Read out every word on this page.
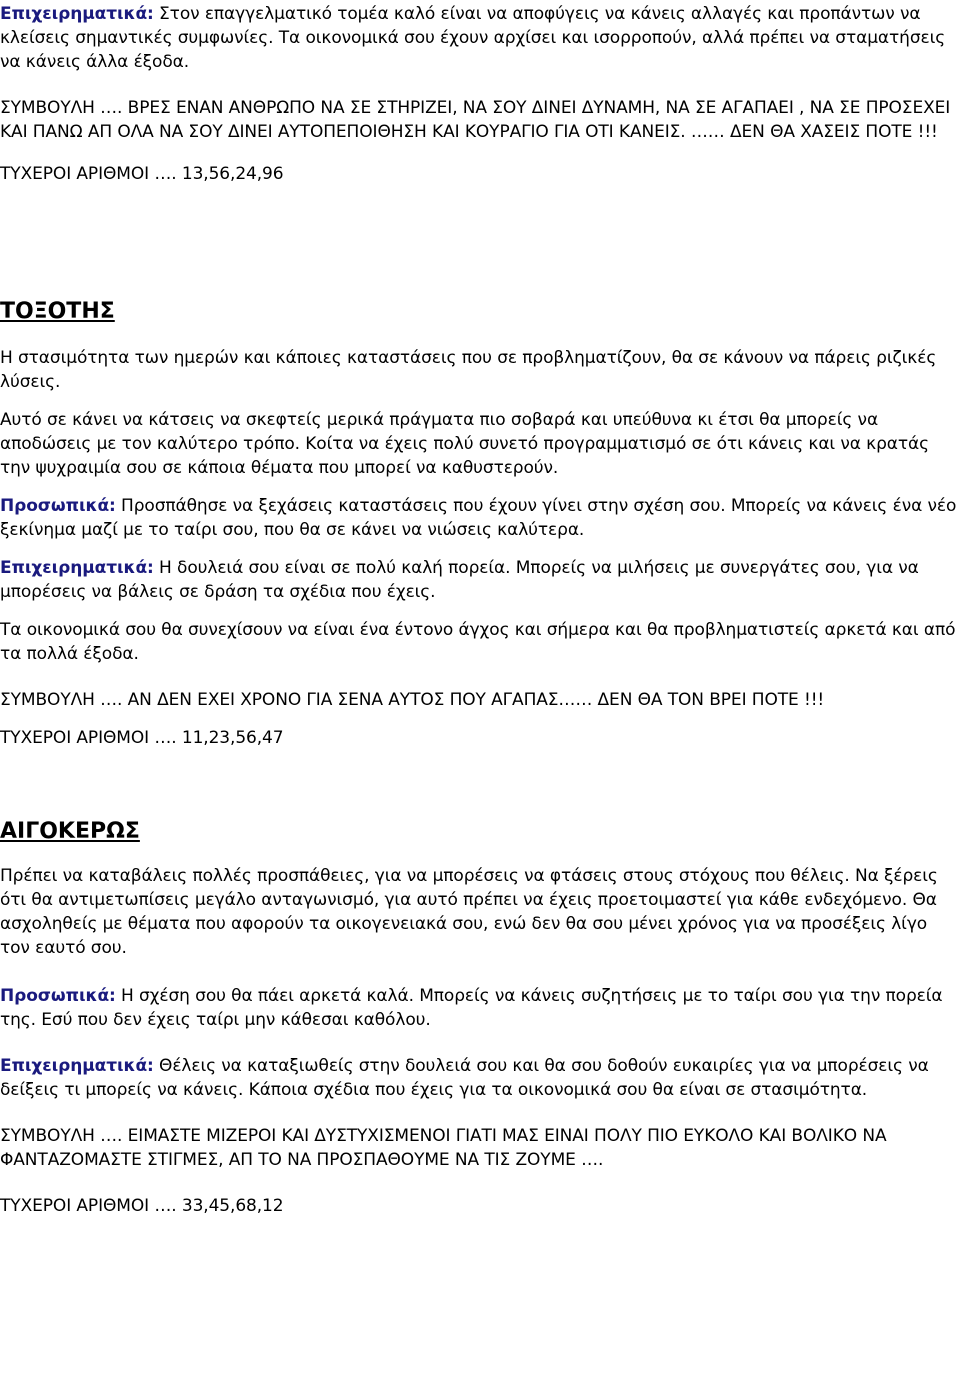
Επιχειρηματικά: Στον επαγγελματικό τομέα καλό είναι να αποφύγεις να κάνεις αλλαγές και προπάντων να κλείσεις σημαντικές συμφωνίες. Τα οικονομικά σου έχουν αρχίσει και ισορροπούν, αλλά πρέπει να σταματήσεις να κάνεις άλλα έξοδα.

ΣΥΜΒΟΥΛΗ …. ΒΡΕΣ ΕΝΑΝ ΑΝΘΡΩΠΟ ΝΑ ΣΕ ΣΤΗΡΙΖΕΙ, ΝΑ ΣΟΥ ΔΙΝΕΙ ΔΥΝΑΜΗ, ΝΑ ΣΕ ΑΓΑΠΑΕΙ , ΝΑ ΣΕ ΠΡΟΣΕΧΕΙ ΚΑΙ ΠΑΝΩ ΑΠ ΟΛΑ ΝΑ ΣΟΥ ΔΙΝΕΙ ΑΥΤΟΠΕΠΟΙΘΗΣΗ ΚΑΙ ΚΟΥΡΑΓΙΟ ΓΙΑ ΟΤΙ ΚΑΝΕΙΣ. …… ΔΕΝ ΘΑ ΧΑΣΕΙΣ ΠΟΤΕ !!!

ΤΥΧΕΡΟΙ ΑΡΙΘΜΟΙ …. 13,56,24,96

ΤΟΞΟΤΗΣ

Η στασιμότητα των ημερών και κάποιες καταστάσεις που σε προβληματίζουν, θα σε κάνουν να πάρεις ριζικές λύσεις.

Αυτό σε κάνει να κάτσεις να σκεφτείς μερικά πράγματα πιο σοβαρά και υπεύθυνα κι έτσι θα μπορείς να αποδώσεις με τον καλύτερο τρόπο. Κοίτα να έχεις πολύ συνετό προγραμματισμό σε ότι κάνεις και να κρατάς την ψυχραιμία σου σε κάποια θέματα που μπορεί να καθυστερούν.

Προσωπικά: Προσπάθησε να ξεχάσεις καταστάσεις που έχουν γίνει στην σχέση σου. Μπορείς να κάνεις ένα νέο ξεκίνημα μαζί με το ταίρι σου, που θα σε κάνει να νιώσεις καλύτερα.

Επιχειρηματικά: Η δουλειά σου είναι σε πολύ καλή πορεία. Μπορείς να μιλήσεις με συνεργάτες σου, για να μπορέσεις να βάλεις σε δράση τα σχέδια που έχεις.

Τα οικονομικά σου θα συνεχίσουν να είναι ένα έντονο άγχος και σήμερα και θα προβληματιστείς αρκετά και από τα πολλά έξοδα.

ΣΥΜΒΟΥΛΗ …. ΑΝ ΔΕΝ ΕΧΕΙ ΧΡΟΝΟ ΓΙΑ ΣΕΝΑ ΑΥΤΟΣ ΠΟΥ ΑΓΑΠΑΣ…… ΔΕΝ ΘΑ ΤΟΝ ΒΡΕΙ ΠΟΤΕ !!!

ΤΥΧΕΡΟΙ ΑΡΙΘΜΟΙ …. 11,23,56,47

ΑΙΓΟΚΕΡΩΣ

Πρέπει να καταβάλεις πολλές προσπάθειες, για να μπορέσεις να φτάσεις στους στόχους που θέλεις. Να ξέρεις ότι θα αντιμετωπίσεις μεγάλο ανταγωνισμό, για αυτό πρέπει να έχεις προετοιμαστεί για κάθε ενδεχόμενο. Θα ασχοληθείς με θέματα που αφορούν τα οικογενειακά σου, ενώ δεν θα σου μένει χρόνος για να προσέξεις λίγο τον εαυτό σου.

Προσωπικά: Η σχέση σου θα πάει αρκετά καλά. Μπορείς να κάνεις συζητήσεις με το ταίρι σου για την πορεία της. Εσύ που δεν έχεις ταίρι μην κάθεσαι καθόλου.

Επιχειρηματικά: Θέλεις να καταξιωθείς στην δουλειά σου και θα σου δοθούν ευκαιρίες για να μπορέσεις να δείξεις τι μπορείς να κάνεις. Κάποια σχέδια που έχεις για τα οικονομικά σου θα είναι σε στασιμότητα.

ΣΥΜΒΟΥΛΗ …. ΕΙΜΑΣΤΕ ΜΙΖΕΡΟΙ ΚΑΙ ΔΥΣΤΥΧΙΣΜΕΝΟΙ ΓΙΑΤΙ ΜΑΣ ΕΙΝΑΙ ΠΟΛΥ ΠΙΟ ΕΥΚΟΛΟ ΚΑΙ ΒΟΛΙΚΟ ΝΑ ΦΑΝΤΑΖΟΜΑΣΤΕ ΣΤΙΓΜΕΣ, ΑΠ ΤΟ ΝΑ ΠΡΟΣΠΑΘΟΥΜΕ ΝΑ ΤΙΣ ΖΟΥΜΕ ….

ΤΥΧΕΡΟΙ ΑΡΙΘΜΟΙ …. 33,45,68,12
